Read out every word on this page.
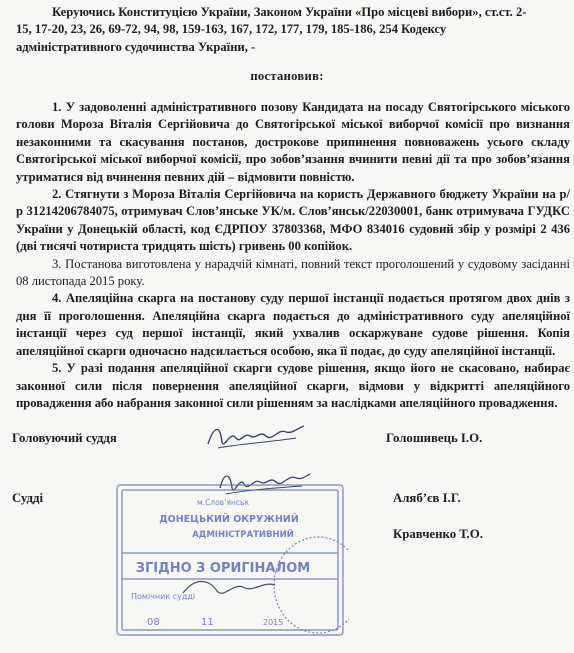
Керуючись Конституцією України, Законом України «Про місцеві вибори», ст.ст. 2-
15, 17-20, 23, 26, 69-72, 94, 98, 159-163, 167, 172, 177, 179, 185-186, 254 Кодексу
адміністративного судочинства України, -
постановив:

1. У задоволенні адміністративного позову Кандидата на посаду Святогірського міського голови Мороза Віталія Сергійовича до Святогірської міської виборчої комісії про визнання незаконними та скасування постанов, дострокове припинення повноважень усього складу Святогірської міської виборчої комісії, про зобов’язання вчинити певні дії та про зобов’язання утриматися від вчинення певних дій – відмовити повністю.

2. Стягнути з Мороза Віталія Сергійовича на користь Державного бюджету України на р/р 31214206784075, отримувач Слов’янське УК/м. Слов’янськ/22030001, банк отримувача ГУДКС України у Донецькій області, код ЄДРПОУ 37803368, МФО 834016 судовий збір у розмірі 2 436 (дві тисячі чотириста тридцять шість) гривень 00 копійок.

3. Постанова виготовлена у нарадчій кімнаті, повний текст проголошений у судовому засіданні 08 листопада 2015 року.

4. Апеляційна скарга на постанову суду першої інстанції подається протягом двох днів з дня її проголошення. Апеляційна скарга подається до адміністративного суду апеляційної інстанції через суд першої інстанції, який ухвалив оскаржуване судове рішення. Копія апеляційної скарги одночасно надсилається особою, яка її подає, до суду апеляційної інстанції.

5. У разі подання апеляційної скарги судове рішення, якщо його не скасовано, набирає законної сили після повернення апеляційної скарги, відмови у відкритті апеляційного провадження або набрання законної сили рішенням за наслідками апеляційного провадження.

Головуючий суддя
Судді
Голошивець І.О.
Аляб’єв І.Г.
Кравченко Т.О.
м.Слов’янськ
ДОНЕЦЬКИЙ ОКРУЖНИЙ
АДМІНІСТРАТИВНИЙ
ЗГІДНО З ОРИГІНАЛОМ
Помічник судді
08	11	2015
